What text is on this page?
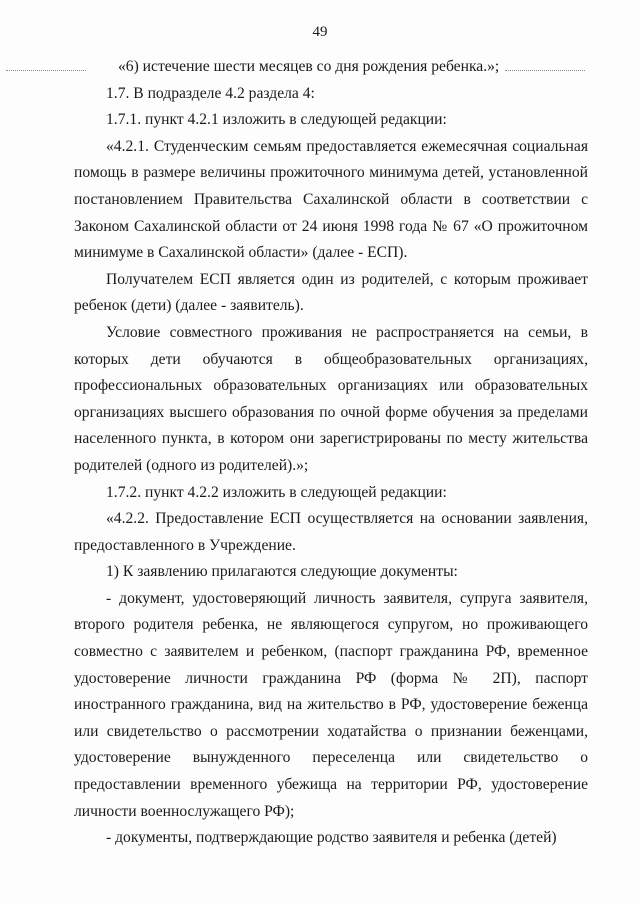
49

«6) истечение шести месяцев со дня рождения ребенка.»;

1.7. В подразделе 4.2 раздела 4:

1.7.1. пункт 4.2.1 изложить в следующей редакции:

«4.2.1. Студенческим семьям предоставляется ежемесячная социальная помощь в размере величины прожиточного минимума детей, установленной постановлением Правительства Сахалинской области в соответствии с Законом Сахалинской области от 24 июня 1998 года № 67 «О прожиточном минимуме в Сахалинской области» (далее - ЕСП).

Получателем ЕСП является один из родителей, с которым проживает ребенок (дети) (далее - заявитель).

Условие совместного проживания не распространяется на семьи, в которых дети обучаются в общеобразовательных организациях, профессиональных образовательных организациях или образовательных организациях высшего образования по очной форме обучения за пределами населенного пункта, в котором они зарегистрированы по месту жительства родителей (одного из родителей).»;

1.7.2. пункт 4.2.2 изложить в следующей редакции:

«4.2.2. Предоставление ЕСП осуществляется на основании заявления, предоставленного в Учреждение.

1) К заявлению прилагаются следующие документы:

- документ, удостоверяющий личность заявителя, супруга заявителя, второго родителя ребенка, не являющегося супругом, но проживающего совместно с заявителем и ребенком, (паспорт гражданина РФ, временное удостоверение личности гражданина РФ (форма № 2П), паспорт иностранного гражданина, вид на жительство в РФ, удостоверение беженца или свидетельство о рассмотрении ходатайства о признании беженцами, удостоверение вынужденного переселенца или свидетельство о предоставлении временного убежища на территории РФ, удостоверение личности военнослужащего РФ);

- документы, подтверждающие родство заявителя и ребенка (детей)
